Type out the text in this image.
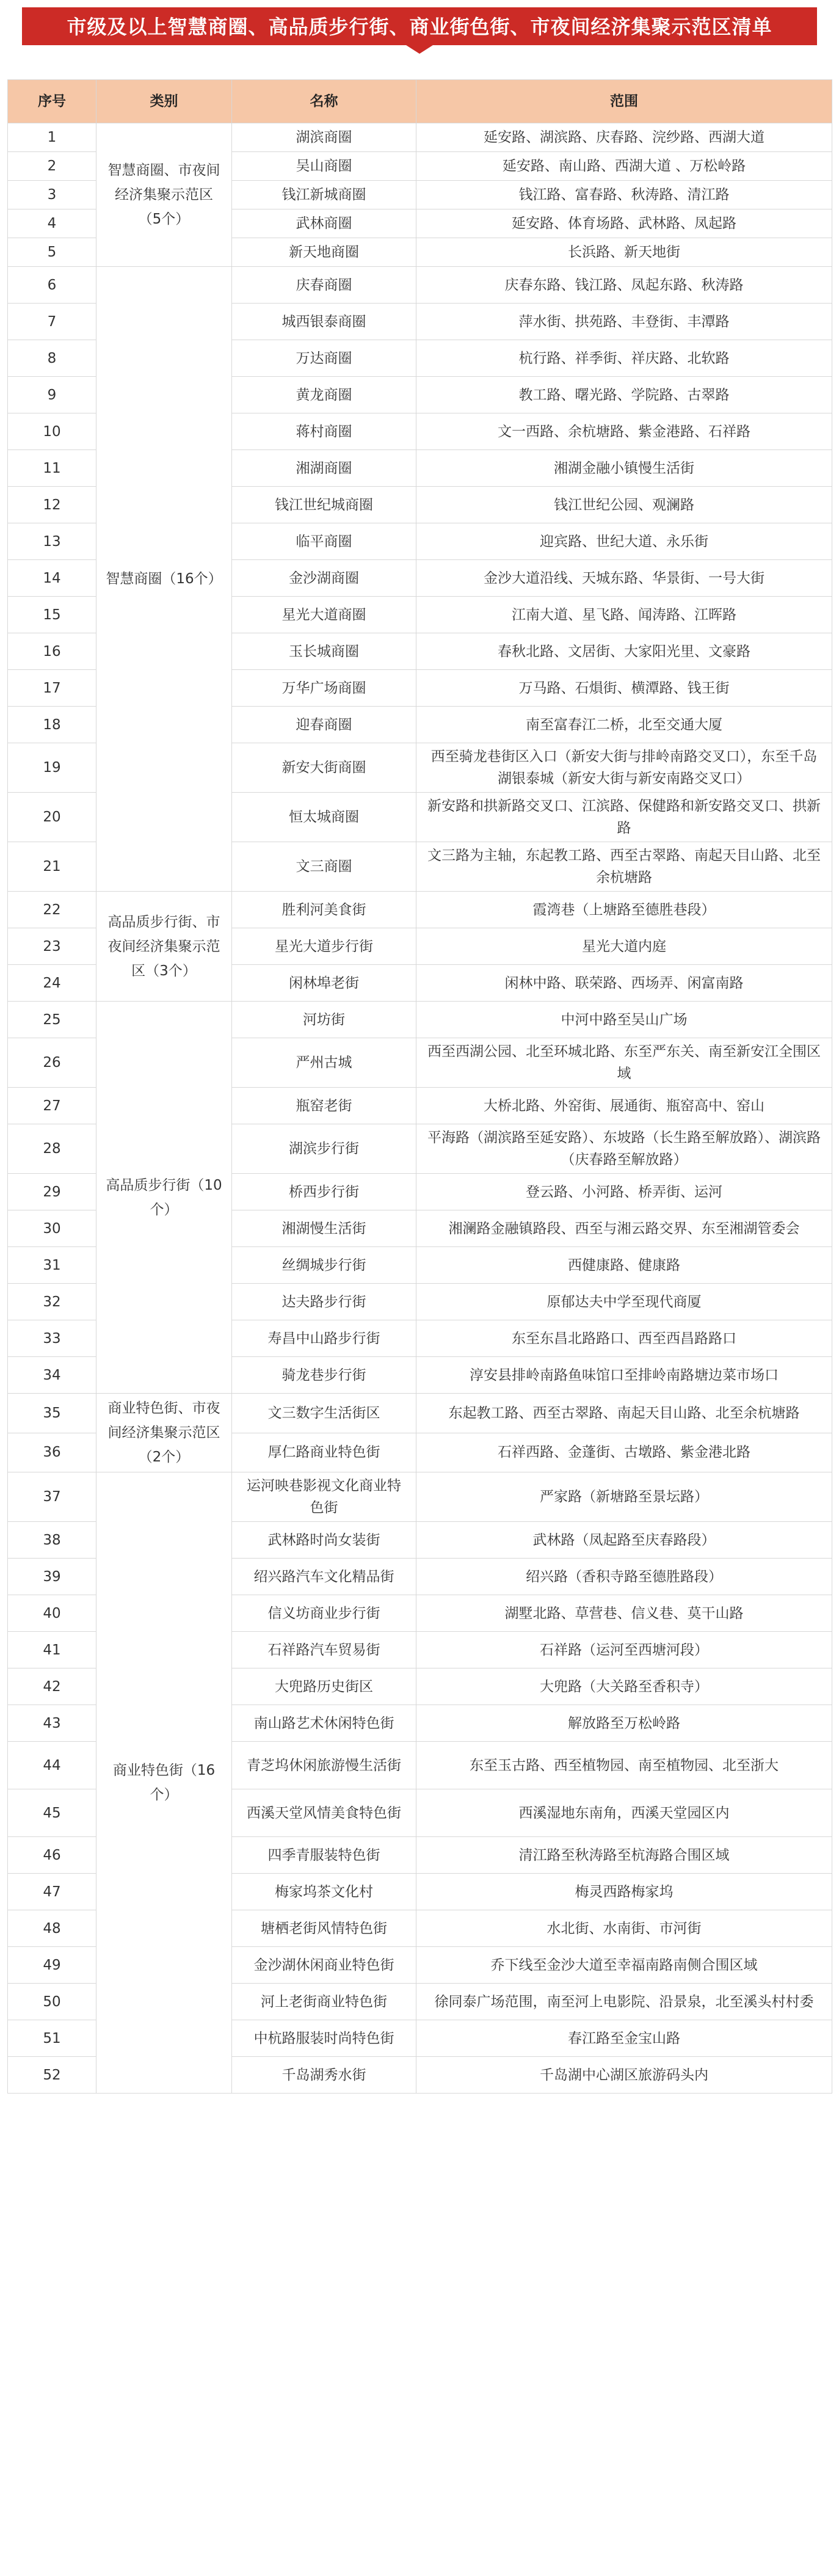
市级及以上智慧商圈、高品质步行街、商业街色街、市夜间经济集聚示范区清单
序号	类别	名称	范围
1	智慧商圈、市夜间经济集聚示范区（5个）	湖滨商圈	延安路、湖滨路、庆春路、浣纱路、西湖大道
2		吴山商圈	延安路、南山路、西湖大道 、万松岭路
3		钱江新城商圈	钱江路、富春路、秋涛路、清江路
4		武林商圈	延安路、体育场路、武林路、凤起路
5		新天地商圈	长浜路、新天地街
6	智慧商圈（16个）	庆春商圈	庆春东路、钱江路、凤起东路、秋涛路
7		城西银泰商圈	萍水街、拱苑路、丰登街、丰潭路
8		万达商圈	杭行路、祥季街、祥庆路、北软路
9		黄龙商圈	教工路、曙光路、学院路、古翠路
10		蒋村商圈	文一西路、余杭塘路、紫金港路、石祥路
11		湘湖商圈	湘湖金融小镇慢生活街
12		钱江世纪城商圈	钱江世纪公园、观澜路
13		临平商圈	迎宾路、世纪大道、永乐街
14		金沙湖商圈	金沙大道沿线、天城东路、华景街、一号大街
15		星光大道商圈	江南大道、星飞路、闻涛路、江晖路
16		玉长城商圈	春秋北路、文居街、大家阳光里、文豪路
17		万华广场商圈	万马路、石熉街、横潭路、钱王街
18		迎春商圈	南至富春江二桥，北至交通大厦
19		新安大街商圈	西至骑龙巷街区入口（新安大街与排岭南路交叉口），东至千岛湖银泰城（新安大街与新安南路交叉口）
20		恒太城商圈	新安路和拱新路交叉口、江滨路、保健路和新安路交叉口、拱新路
21		文三商圈	文三路为主轴，东起教工路、西至古翠路、南起天目山路、北至余杭塘路
22	高品质步行街、市夜间经济集聚示范区（3个）	胜利河美食街	霞湾巷（上塘路至德胜巷段）
23		星光大道步行街	星光大道内庭
24		闲林埠老街	闲林中路、联荣路、西场弄、闲富南路
25	高品质步行街（10个）	河坊街	中河中路至吴山广场
26		严州古城	西至西湖公园、北至环城北路、东至严东关、南至新安江全围区域
27		瓶窑老街	大桥北路、外窑街、展通街、瓶窑高中、窑山
28		湖滨步行街	平海路（湖滨路至延安路）、东坡路（长生路至解放路）、湖滨路（庆春路至解放路）
29		桥西步行街	登云路、小河路、桥弄街、运河
30		湘湖慢生活街	湘澜路金融镇路段、西至与湘云路交界、东至湘湖管委会
31		丝绸城步行街	西健康路、健康路
32		达夫路步行街	原郁达夫中学至现代商厦
33		寿昌中山路步行街	东至东昌北路路口、西至西昌路路口
34		骑龙巷步行街	淳安县排岭南路鱼味馆口至排岭南路塘边菜市场口
35	商业特色街、市夜间经济集聚示范区（2个）	文三数字生活街区	东起教工路、西至古翠路、南起天目山路、北至余杭塘路
36		厚仁路商业特色街	石祥西路、金蓬街、古墩路、紫金港北路
37	商业特色街（16个）	运河映巷影视文化商业特色街	严家路（新塘路至景坛路）
38		武林路时尚女装街	武林路（凤起路至庆春路段）
39		绍兴路汽车文化精品街	绍兴路（香积寺路至德胜路段）
40		信义坊商业步行街	湖墅北路、草营巷、信义巷、莫干山路
41		石祥路汽车贸易街	石祥路（运河至西塘河段）
42		大兜路历史街区	大兜路（大关路至香积寺）
43		南山路艺术休闲特色街	解放路至万松岭路
44		青芝坞休闲旅游慢生活街	东至玉古路、西至植物园、南至植物园、北至浙大
45		西溪天堂风情美食特色街	西溪湿地东南角，西溪天堂园区内
46		四季青服装特色街	清江路至秋涛路至杭海路合围区域
47		梅家坞茶文化村	梅灵西路梅家坞
48		塘栖老街风情特色街	水北街、水南街、市河街
49		金沙湖休闲商业特色街	乔下线至金沙大道至幸福南路南侧合围区域
50		河上老街商业特色街	徐同泰广场范围，南至河上电影院、沿景泉，北至溪头村村委
51		中杭路服装时尚特色街	春江路至金宝山路
52		千岛湖秀水街	千岛湖中心湖区旅游码头内
